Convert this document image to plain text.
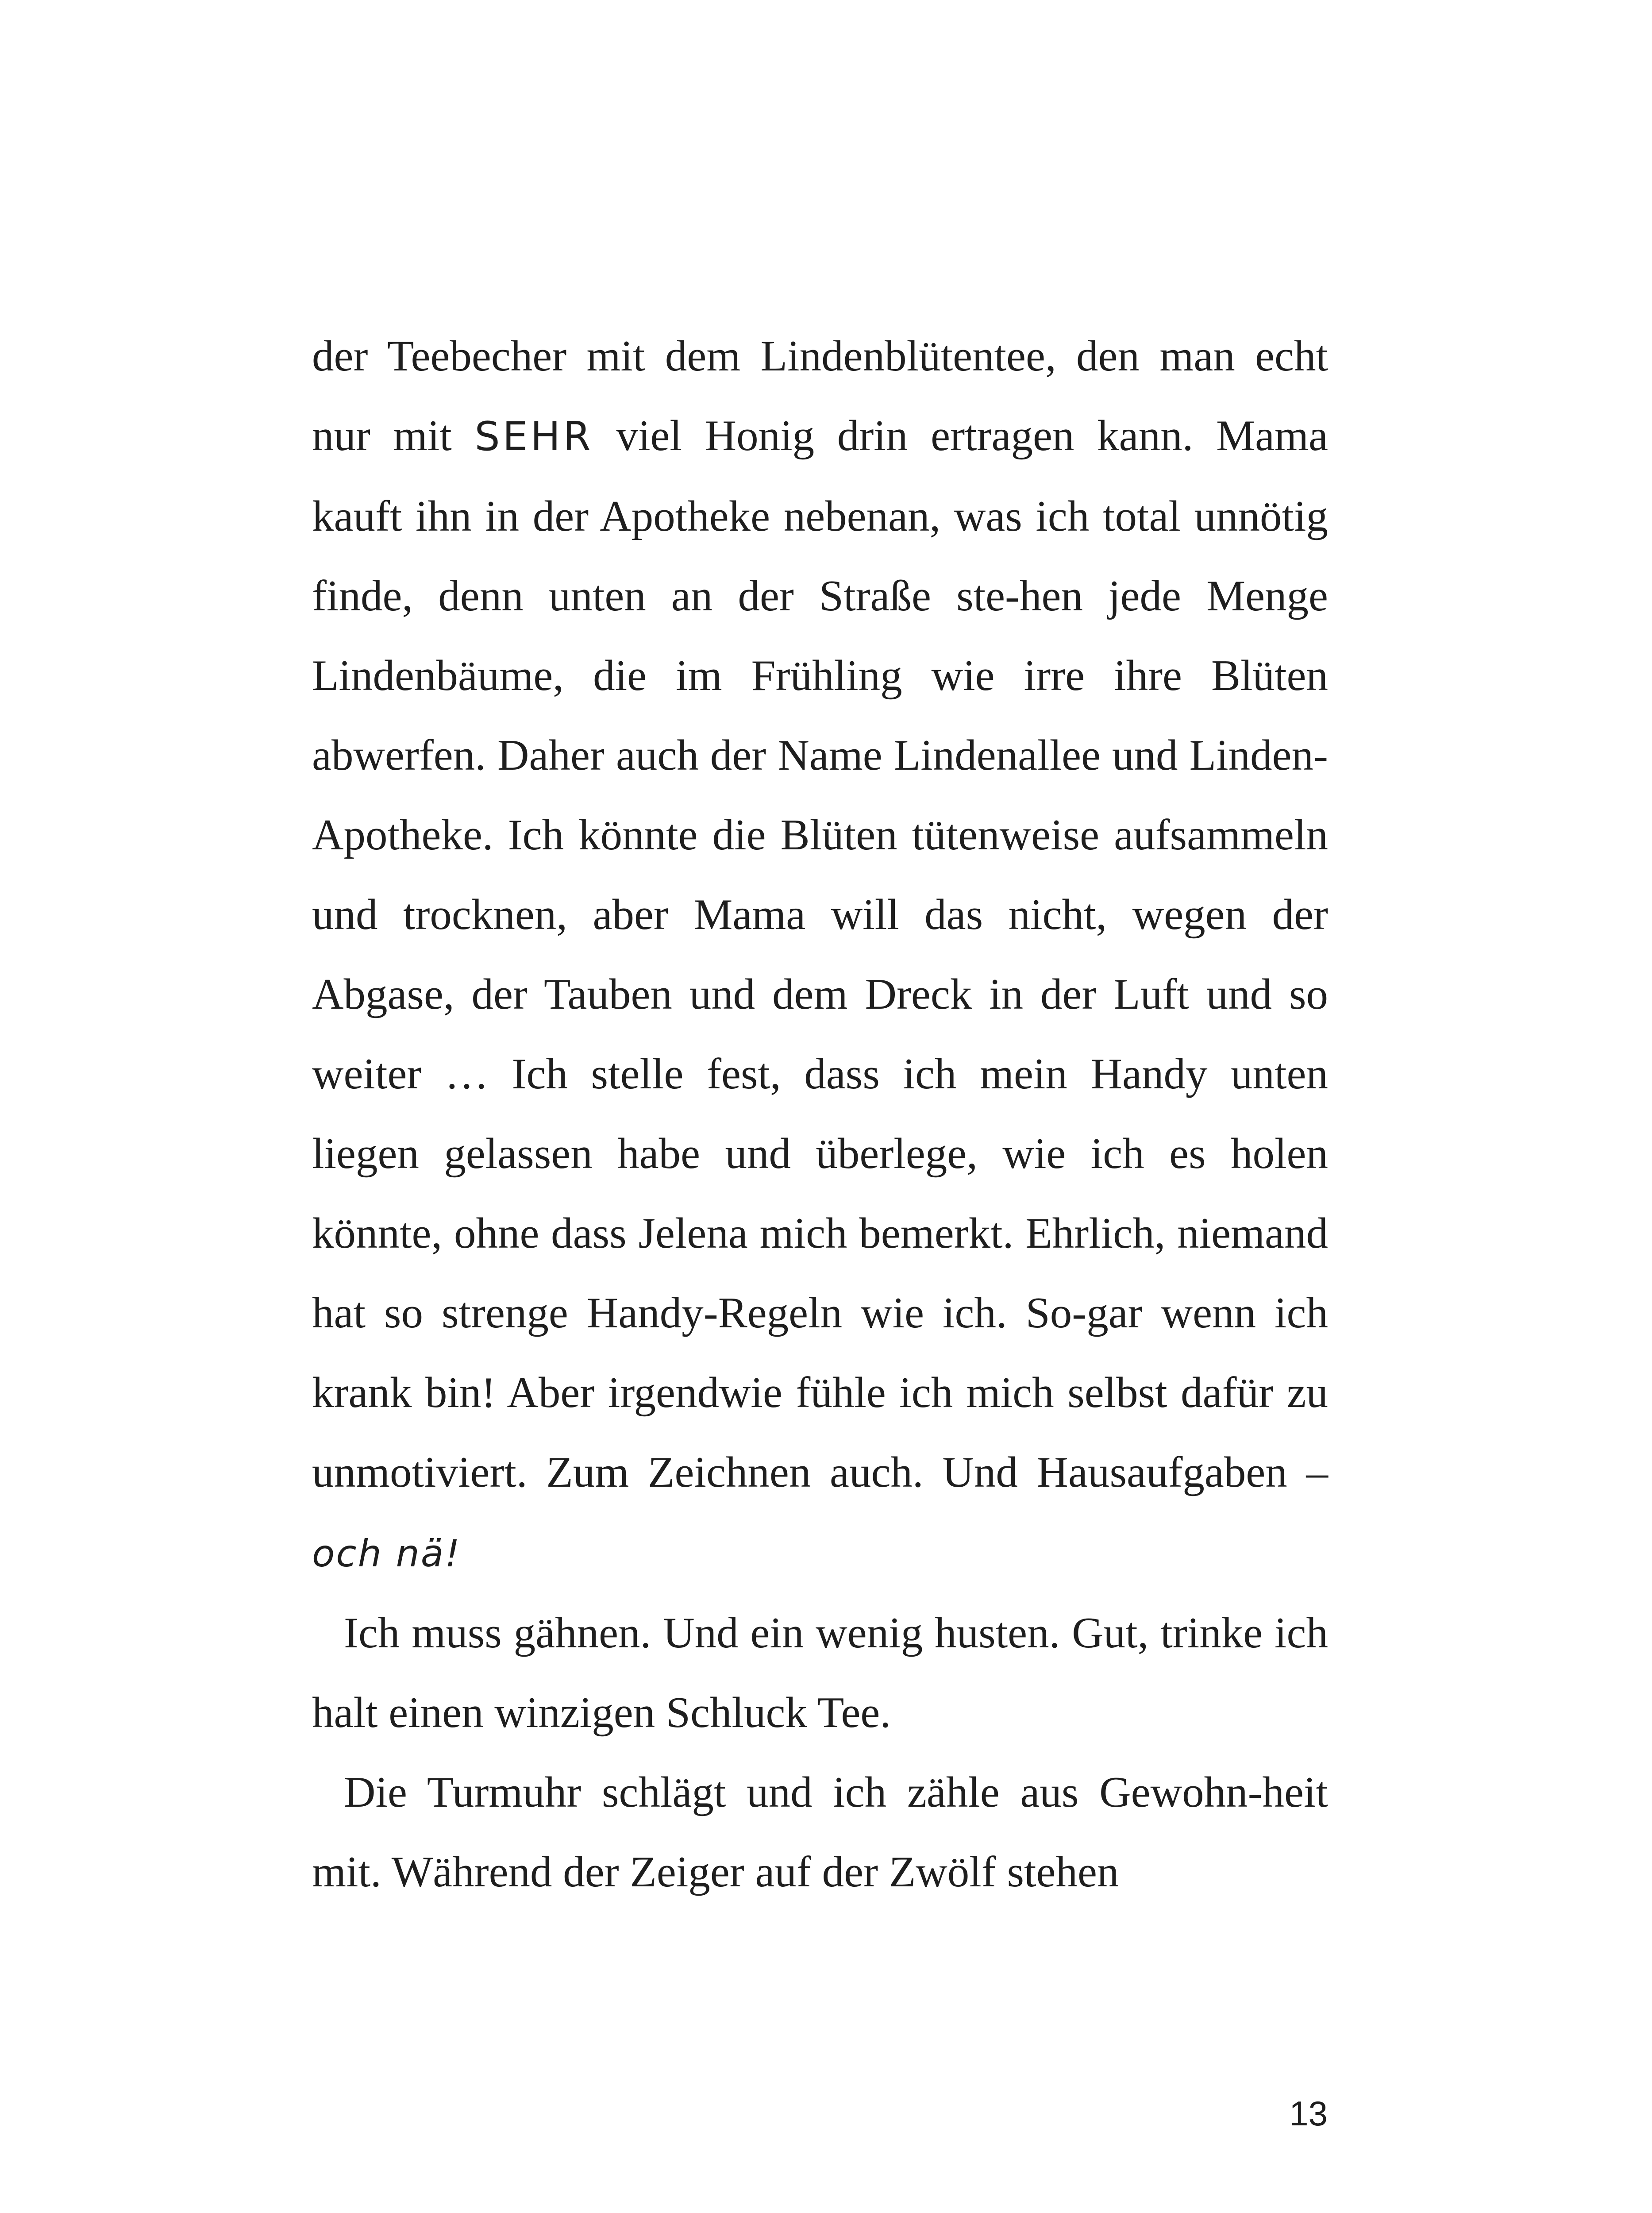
der Teebecher mit dem Lindenblütentee, den man echt nur mit SEHR viel Honig drin ertragen kann. Mama kauft ihn in der Apotheke nebenan, was ich total unnötig finde, denn unten an der Straße ste-hen jede Menge Lindenbäume, die im Frühling wie irre ihre Blüten abwerfen. Daher auch der Name Lindenallee und Linden-Apotheke. Ich könnte die Blüten tütenweise aufsammeln und trocknen, aber Mama will das nicht, wegen der Abgase, der Tauben und dem Dreck in der Luft und so weiter … Ich stelle fest, dass ich mein Handy unten liegen gelassen habe und überlege, wie ich es holen könnte, ohne dass Jelena mich bemerkt. Ehrlich, niemand hat so strenge Handy-Regeln wie ich. So-gar wenn ich krank bin! Aber irgendwie fühle ich mich selbst dafür zu unmotiviert. Zum Zeichnen auch. Und Hausaufgaben – och nä!

Ich muss gähnen. Und ein wenig husten. Gut, trinke ich halt einen winzigen Schluck Tee.

Die Turmuhr schlägt und ich zähle aus Gewohn-heit mit. Während der Zeiger auf der Zwölf stehen

13
